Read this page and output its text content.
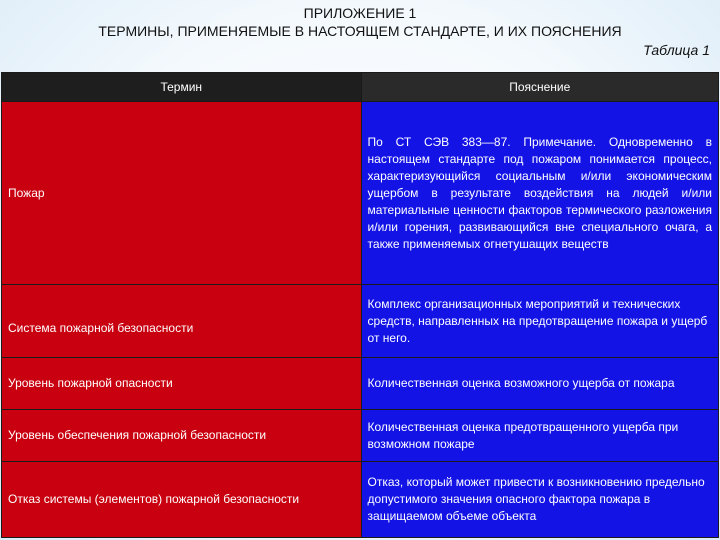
ПРИЛОЖЕНИЕ 1
ТЕРМИНЫ, ПРИМЕНЯЕМЫЕ В НАСТОЯЩЕМ СТАНДАРТЕ, И ИХ ПОЯСНЕНИЯ
Таблица 1
Термин	Пояснение
Пожар	По СТ СЭВ 383—87. Примечание. Одновременно в настоящем стандарте под пожаром понимается процесс, характеризующийся социальным и/или экономическим ущербом в результате воздействия на людей и/или материальные ценности факторов термического разложения и/или горения, развивающийся вне специального очага, а также применяемых огнетушащих веществ
Система пожарной безопасности	Комплекс организационных мероприятий и технических средств, направленных на предотвращение пожара и ущерб от него.
Уровень пожарной опасности	Количественная оценка возможного ущерба от пожара
Уровень обеспечения пожарной безопасности	Количественная оценка предотвращенного ущерба при возможном пожаре
Отказ системы (элементов) пожарной безопасности	Отказ, который может привести к возникновению предельно допустимого значения опасного фактора пожара в защищаемом объеме объекта
